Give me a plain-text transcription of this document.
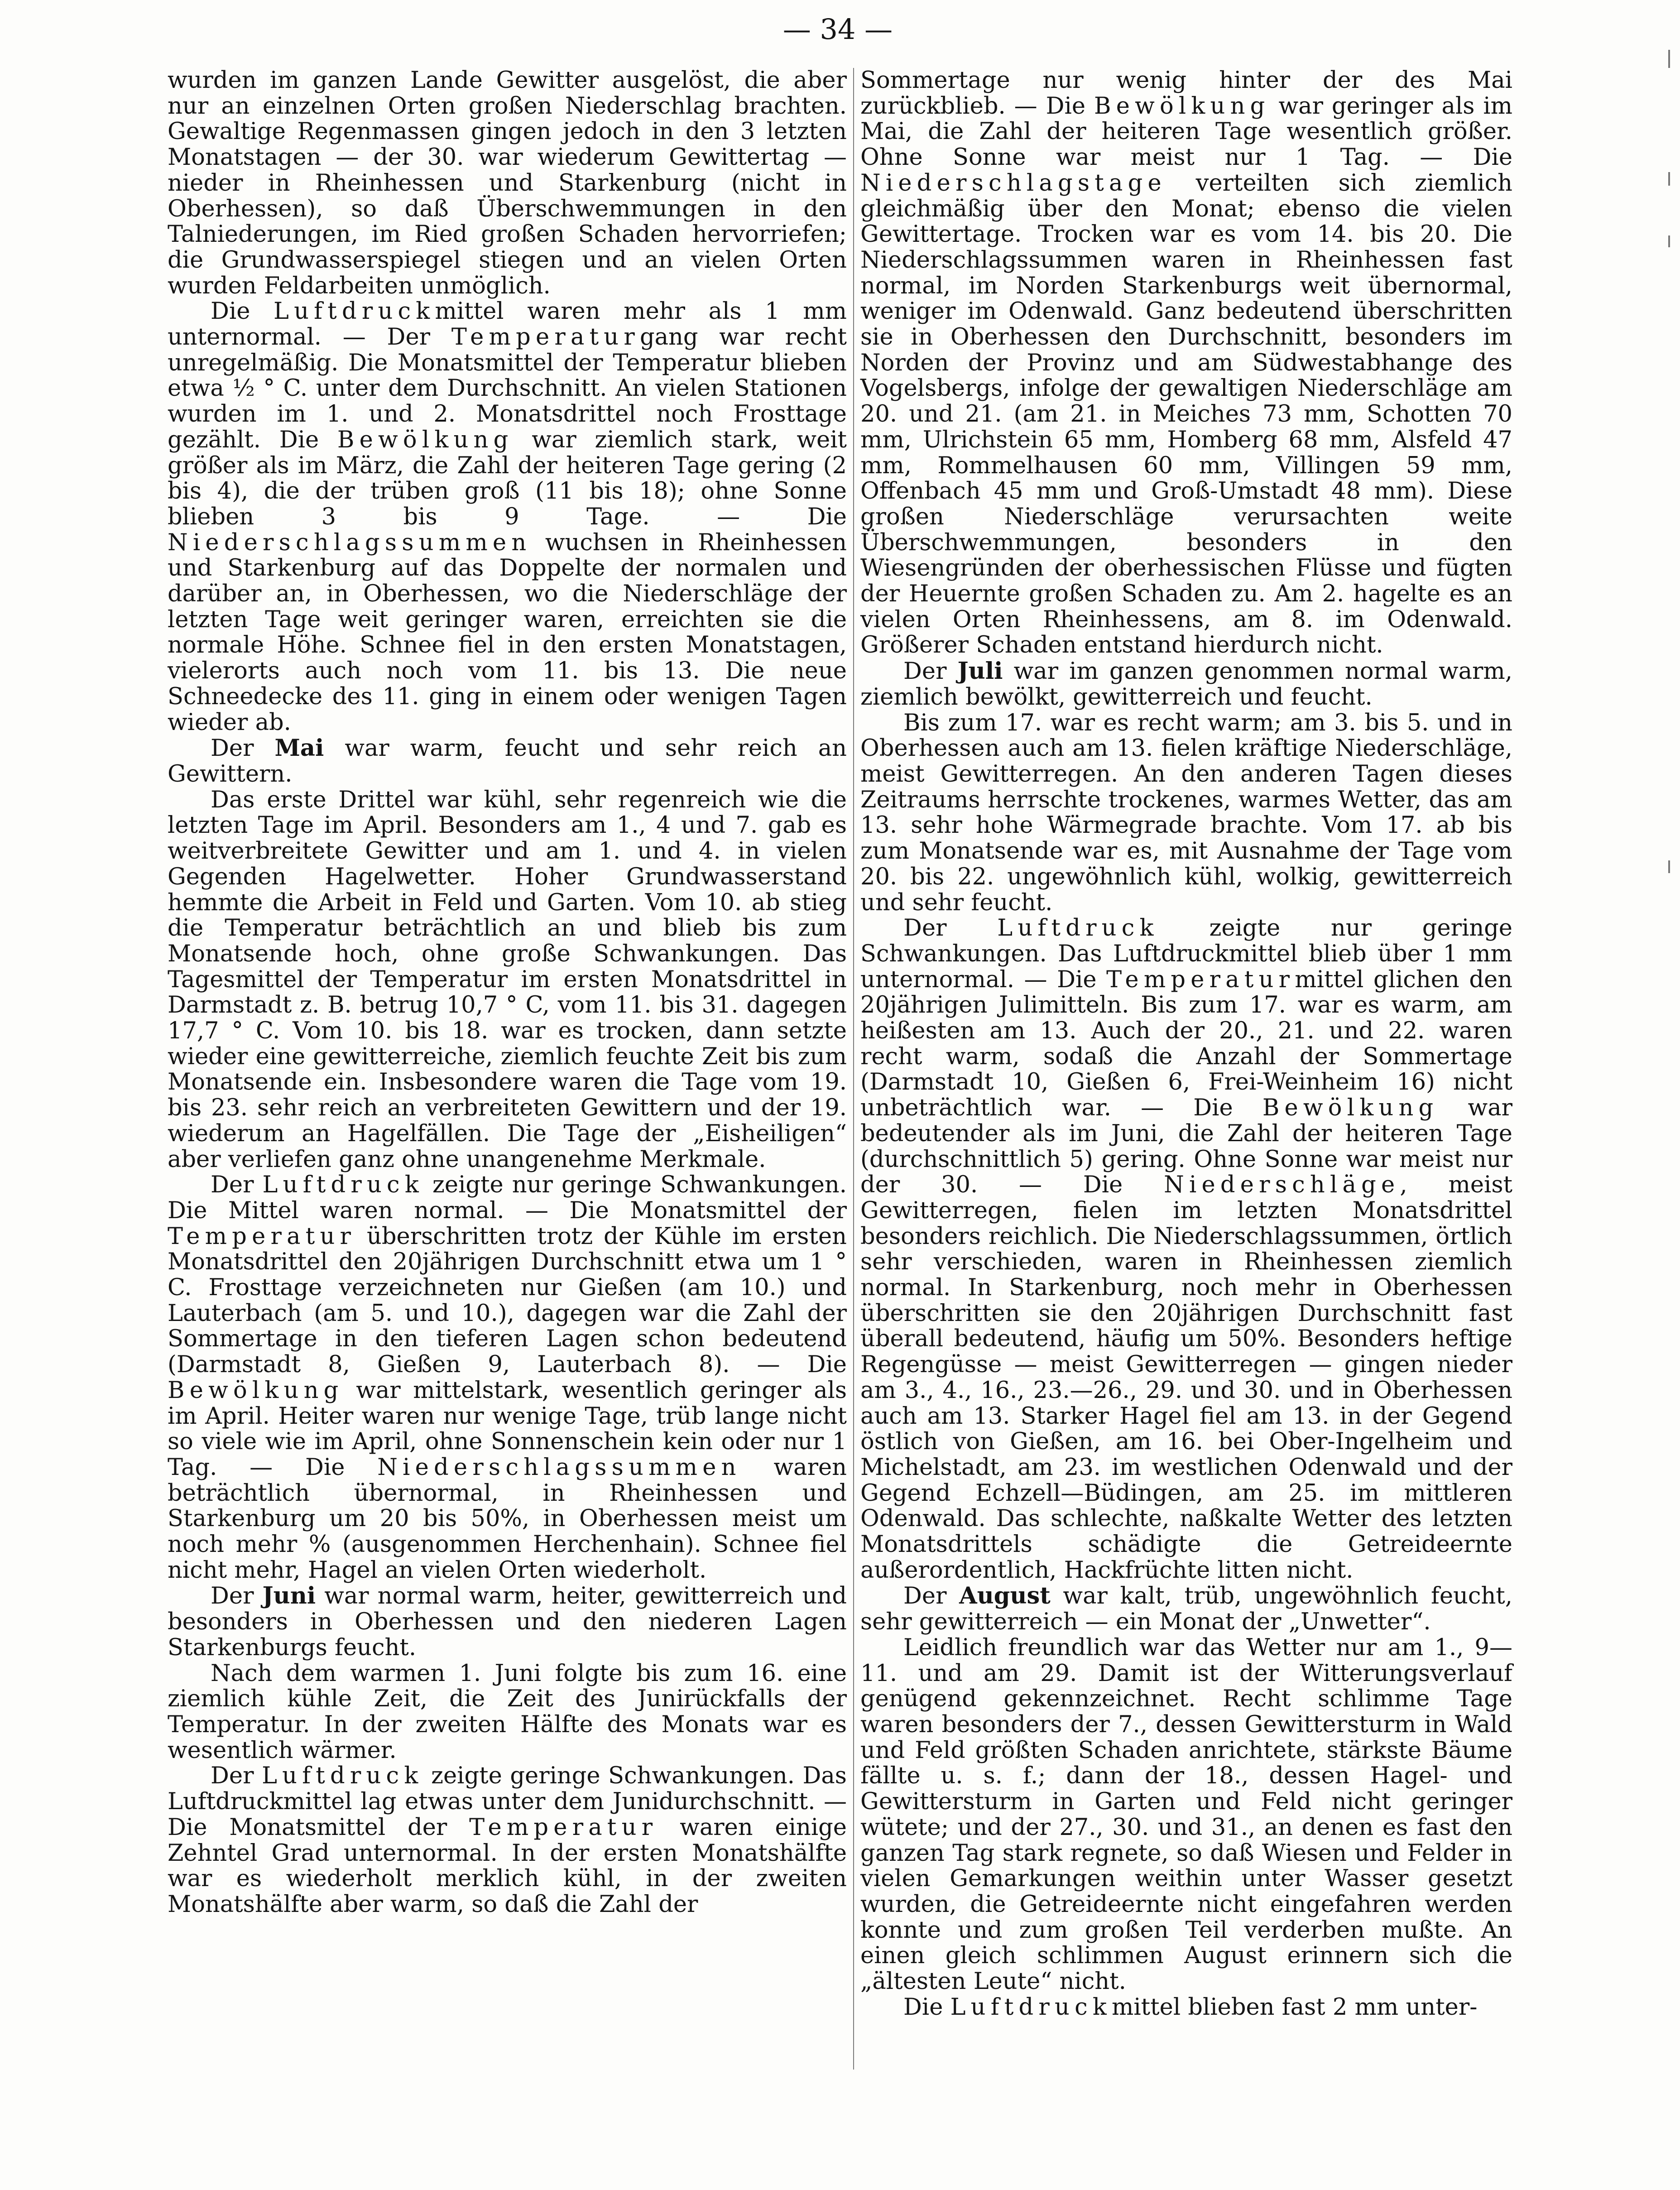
— 34 —

wurden im ganzen Lande Gewitter ausgelöst, die aber nur an einzelnen Orten großen Niederschlag brachten. Gewaltige Regenmassen gingen jedoch in den 3 letzten Monatstagen — der 30. war wiederum Gewittertag — nieder in Rheinhessen und Starkenburg (nicht in Oberhessen), so daß Überschwemmungen in den Talniederungen, im Ried großen Schaden hervorriefen; die Grundwasserspiegel stiegen und an vielen Orten wurden Feldarbeiten unmöglich.

Die Luftdruckmittel waren mehr als 1 mm unternormal. — Der Temperaturgang war recht unregelmäßig. Die Monatsmittel der Temperatur blieben etwa ½ ° C. unter dem Durchschnitt. An vielen Stationen wurden im 1. und 2. Monatsdrittel noch Frosttage gezählt. Die Bewölkung war ziemlich stark, weit größer als im März, die Zahl der heiteren Tage gering (2 bis 4), die der trüben groß (11 bis 18); ohne Sonne blieben 3 bis 9 Tage. — Die Niederschlagssummen wuchsen in Rheinhessen und Starkenburg auf das Doppelte der normalen und darüber an, in Oberhessen, wo die Niederschläge der letzten Tage weit geringer waren, erreichten sie die normale Höhe. Schnee fiel in den ersten Monatstagen, vielerorts auch noch vom 11. bis 13. Die neue Schneedecke des 11. ging in einem oder wenigen Tagen wieder ab.

Der Mai war warm, feucht und sehr reich an Gewittern.

Das erste Drittel war kühl, sehr regenreich wie die letzten Tage im April. Besonders am 1., 4 und 7. gab es weitverbreitete Gewitter und am 1. und 4. in vielen Gegenden Hagelwetter. Hoher Grundwasserstand hemmte die Arbeit in Feld und Garten. Vom 10. ab stieg die Temperatur beträchtlich an und blieb bis zum Monatsende hoch, ohne große Schwankungen. Das Tagesmittel der Temperatur im ersten Monatsdrittel in Darmstadt z. B. betrug 10,7 ° C, vom 11. bis 31. dagegen 17,7 ° C. Vom 10. bis 18. war es trocken, dann setzte wieder eine gewitterreiche, ziemlich feuchte Zeit bis zum Monatsende ein. Insbesondere waren die Tage vom 19. bis 23. sehr reich an verbreiteten Gewittern und der 19. wiederum an Hagelfällen. Die Tage der „Eisheiligen“ aber verliefen ganz ohne unangenehme Merkmale.

Der Luftdruck zeigte nur geringe Schwankungen. Die Mittel waren normal. — Die Monatsmittel der Temperatur überschritten trotz der Kühle im ersten Monatsdrittel den 20jährigen Durchschnitt etwa um 1 ° C. Frosttage verzeichneten nur Gießen (am 10.) und Lauterbach (am 5. und 10.), dagegen war die Zahl der Sommertage in den tieferen Lagen schon bedeutend (Darmstadt 8, Gießen 9, Lauterbach 8). — Die Bewölkung war mittelstark, wesentlich geringer als im April. Heiter waren nur wenige Tage, trüb lange nicht so viele wie im April, ohne Sonnenschein kein oder nur 1 Tag. — Die Niederschlagssummen waren beträchtlich übernormal, in Rheinhessen und Starkenburg um 20 bis 50%, in Oberhessen meist um noch mehr % (ausgenommen Herchenhain). Schnee fiel nicht mehr, Hagel an vielen Orten wiederholt.

Der Juni war normal warm, heiter, gewitterreich und besonders in Oberhessen und den niederen Lagen Starkenburgs feucht.

Nach dem warmen 1. Juni folgte bis zum 16. eine ziemlich kühle Zeit, die Zeit des Junirückfalls der Temperatur. In der zweiten Hälfte des Monats war es wesentlich wärmer.

Der Luftdruck zeigte geringe Schwankungen. Das Luftdruckmittel lag etwas unter dem Junidurchschnitt. — Die Monatsmittel der Temperatur waren einige Zehntel Grad unternormal. In der ersten Monatshälfte war es wiederholt merklich kühl, in der zweiten Monatshälfte aber warm, so daß die Zahl der

Sommertage nur wenig hinter der des Mai zurückblieb. — Die Bewölkung war geringer als im Mai, die Zahl der heiteren Tage wesentlich größer. Ohne Sonne war meist nur 1 Tag. — Die Niederschlagstage verteilten sich ziemlich gleichmäßig über den Monat; ebenso die vielen Gewittertage. Trocken war es vom 14. bis 20. Die Niederschlagssummen waren in Rheinhessen fast normal, im Norden Starkenburgs weit übernormal, weniger im Odenwald. Ganz bedeutend überschritten sie in Oberhessen den Durchschnitt, besonders im Norden der Provinz und am Südwestabhange des Vogelsbergs, infolge der gewaltigen Niederschläge am 20. und 21. (am 21. in Meiches 73 mm, Schotten 70 mm, Ulrichstein 65 mm, Homberg 68 mm, Alsfeld 47 mm, Rommelhausen 60 mm, Villingen 59 mm, Offenbach 45 mm und Groß-Umstadt 48 mm). Diese großen Niederschläge verursachten weite Überschwemmungen, besonders in den Wiesengründen der oberhessischen Flüsse und fügten der Heuernte großen Schaden zu. Am 2. hagelte es an vielen Orten Rheinhessens, am 8. im Odenwald. Größerer Schaden entstand hierdurch nicht.

Der Juli war im ganzen genommen normal warm, ziemlich bewölkt, gewitterreich und feucht.

Bis zum 17. war es recht warm; am 3. bis 5. und in Oberhessen auch am 13. fielen kräftige Niederschläge, meist Gewitterregen. An den anderen Tagen dieses Zeitraums herrschte trockenes, warmes Wetter, das am 13. sehr hohe Wärmegrade brachte. Vom 17. ab bis zum Monatsende war es, mit Ausnahme der Tage vom 20. bis 22. ungewöhnlich kühl, wolkig, gewitterreich und sehr feucht.

Der Luftdruck zeigte nur geringe Schwankungen. Das Luftdruckmittel blieb über 1 mm unternormal. — Die Temperaturmittel glichen den 20jährigen Julimitteln. Bis zum 17. war es warm, am heißesten am 13. Auch der 20., 21. und 22. waren recht warm, sodaß die Anzahl der Sommertage (Darmstadt 10, Gießen 6, Frei-Weinheim 16) nicht unbeträchtlich war. — Die Bewölkung war bedeutender als im Juni, die Zahl der heiteren Tage (durchschnittlich 5) gering. Ohne Sonne war meist nur der 30. — Die Niederschläge, meist Gewitterregen, fielen im letzten Monatsdrittel besonders reichlich. Die Niederschlagssummen, örtlich sehr verschieden, waren in Rheinhessen ziemlich normal. In Starkenburg, noch mehr in Oberhessen überschritten sie den 20jährigen Durchschnitt fast überall bedeutend, häufig um 50%. Besonders heftige Regengüsse — meist Gewitterregen — gingen nieder am 3., 4., 16., 23.—26., 29. und 30. und in Oberhessen auch am 13. Starker Hagel fiel am 13. in der Gegend östlich von Gießen, am 16. bei Ober-Ingelheim und Michelstadt, am 23. im westlichen Odenwald und der Gegend Echzell—Büdingen, am 25. im mittleren Odenwald. Das schlechte, naßkalte Wetter des letzten Monatsdrittels schädigte die Getreideernte außerordentlich, Hackfrüchte litten nicht.

Der August war kalt, trüb, ungewöhnlich feucht, sehr gewitterreich — ein Monat der „Unwetter“.

Leidlich freundlich war das Wetter nur am 1., 9—11. und am 29. Damit ist der Witterungsverlauf genügend gekennzeichnet. Recht schlimme Tage waren besonders der 7., dessen Gewittersturm in Wald und Feld größten Schaden anrichtete, stärkste Bäume fällte u. s. f.; dann der 18., dessen Hagel- und Gewittersturm in Garten und Feld nicht geringer wütete; und der 27., 30. und 31., an denen es fast den ganzen Tag stark regnete, so daß Wiesen und Felder in vielen Gemarkungen weithin unter Wasser gesetzt wurden, die Getreideernte nicht eingefahren werden konnte und zum großen Teil verderben mußte. An einen gleich schlimmen August erinnern sich die „ältesten Leute“ nicht.

Die Luftdruckmittel blieben fast 2 mm unter-
